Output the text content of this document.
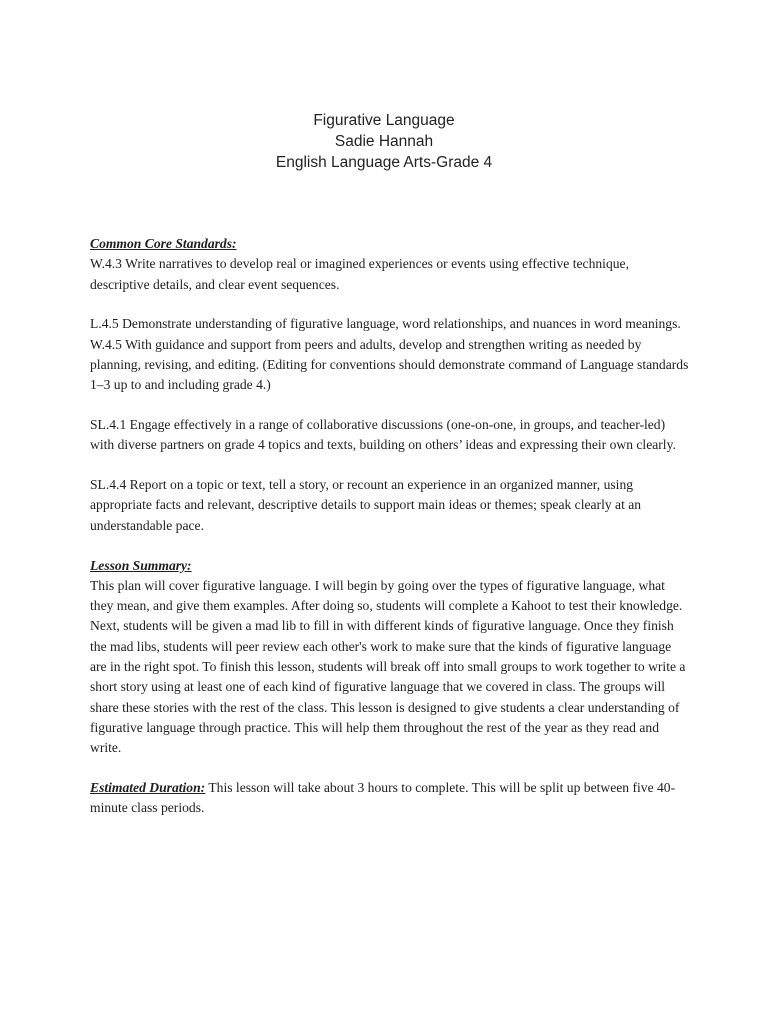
Figurative Language
Sadie Hannah
English Language Arts-Grade 4

Common Core Standards:

W.4.3 Write narratives to develop real or imagined experiences or events using effective technique, descriptive details, and clear event sequences.

L.4.5 Demonstrate understanding of figurative language, word relationships, and nuances in word meanings.

W.4.5 With guidance and support from peers and adults, develop and strengthen writing as needed by planning, revising, and editing. (Editing for conventions should demonstrate command of Language standards 1–3 up to and including grade 4.)

SL.4.1 Engage effectively in a range of collaborative discussions (one-on-one, in groups, and teacher-led) with diverse partners on grade 4 topics and texts, building on others’ ideas and expressing their own clearly.

SL.4.4 Report on a topic or text, tell a story, or recount an experience in an organized manner, using appropriate facts and relevant, descriptive details to support main ideas or themes; speak clearly at an understandable pace.

Lesson Summary:

This plan will cover figurative language. I will begin by going over the types of figurative language, what they mean, and give them examples. After doing so, students will complete a Kahoot to test their knowledge. Next, students will be given a mad lib to fill in with different kinds of figurative language. Once they finish the mad libs, students will peer review each other's work to make sure that the kinds of figurative language are in the right spot. To finish this lesson, students will break off into small groups to work together to write a short story using at least one of each kind of figurative language that we covered in class. The groups will share these stories with the rest of the class. This lesson is designed to give students a clear understanding of figurative language through practice. This will help them throughout the rest of the year as they read and write.

Estimated Duration: This lesson will take about 3 hours to complete. This will be split up between five 40-minute class periods.
